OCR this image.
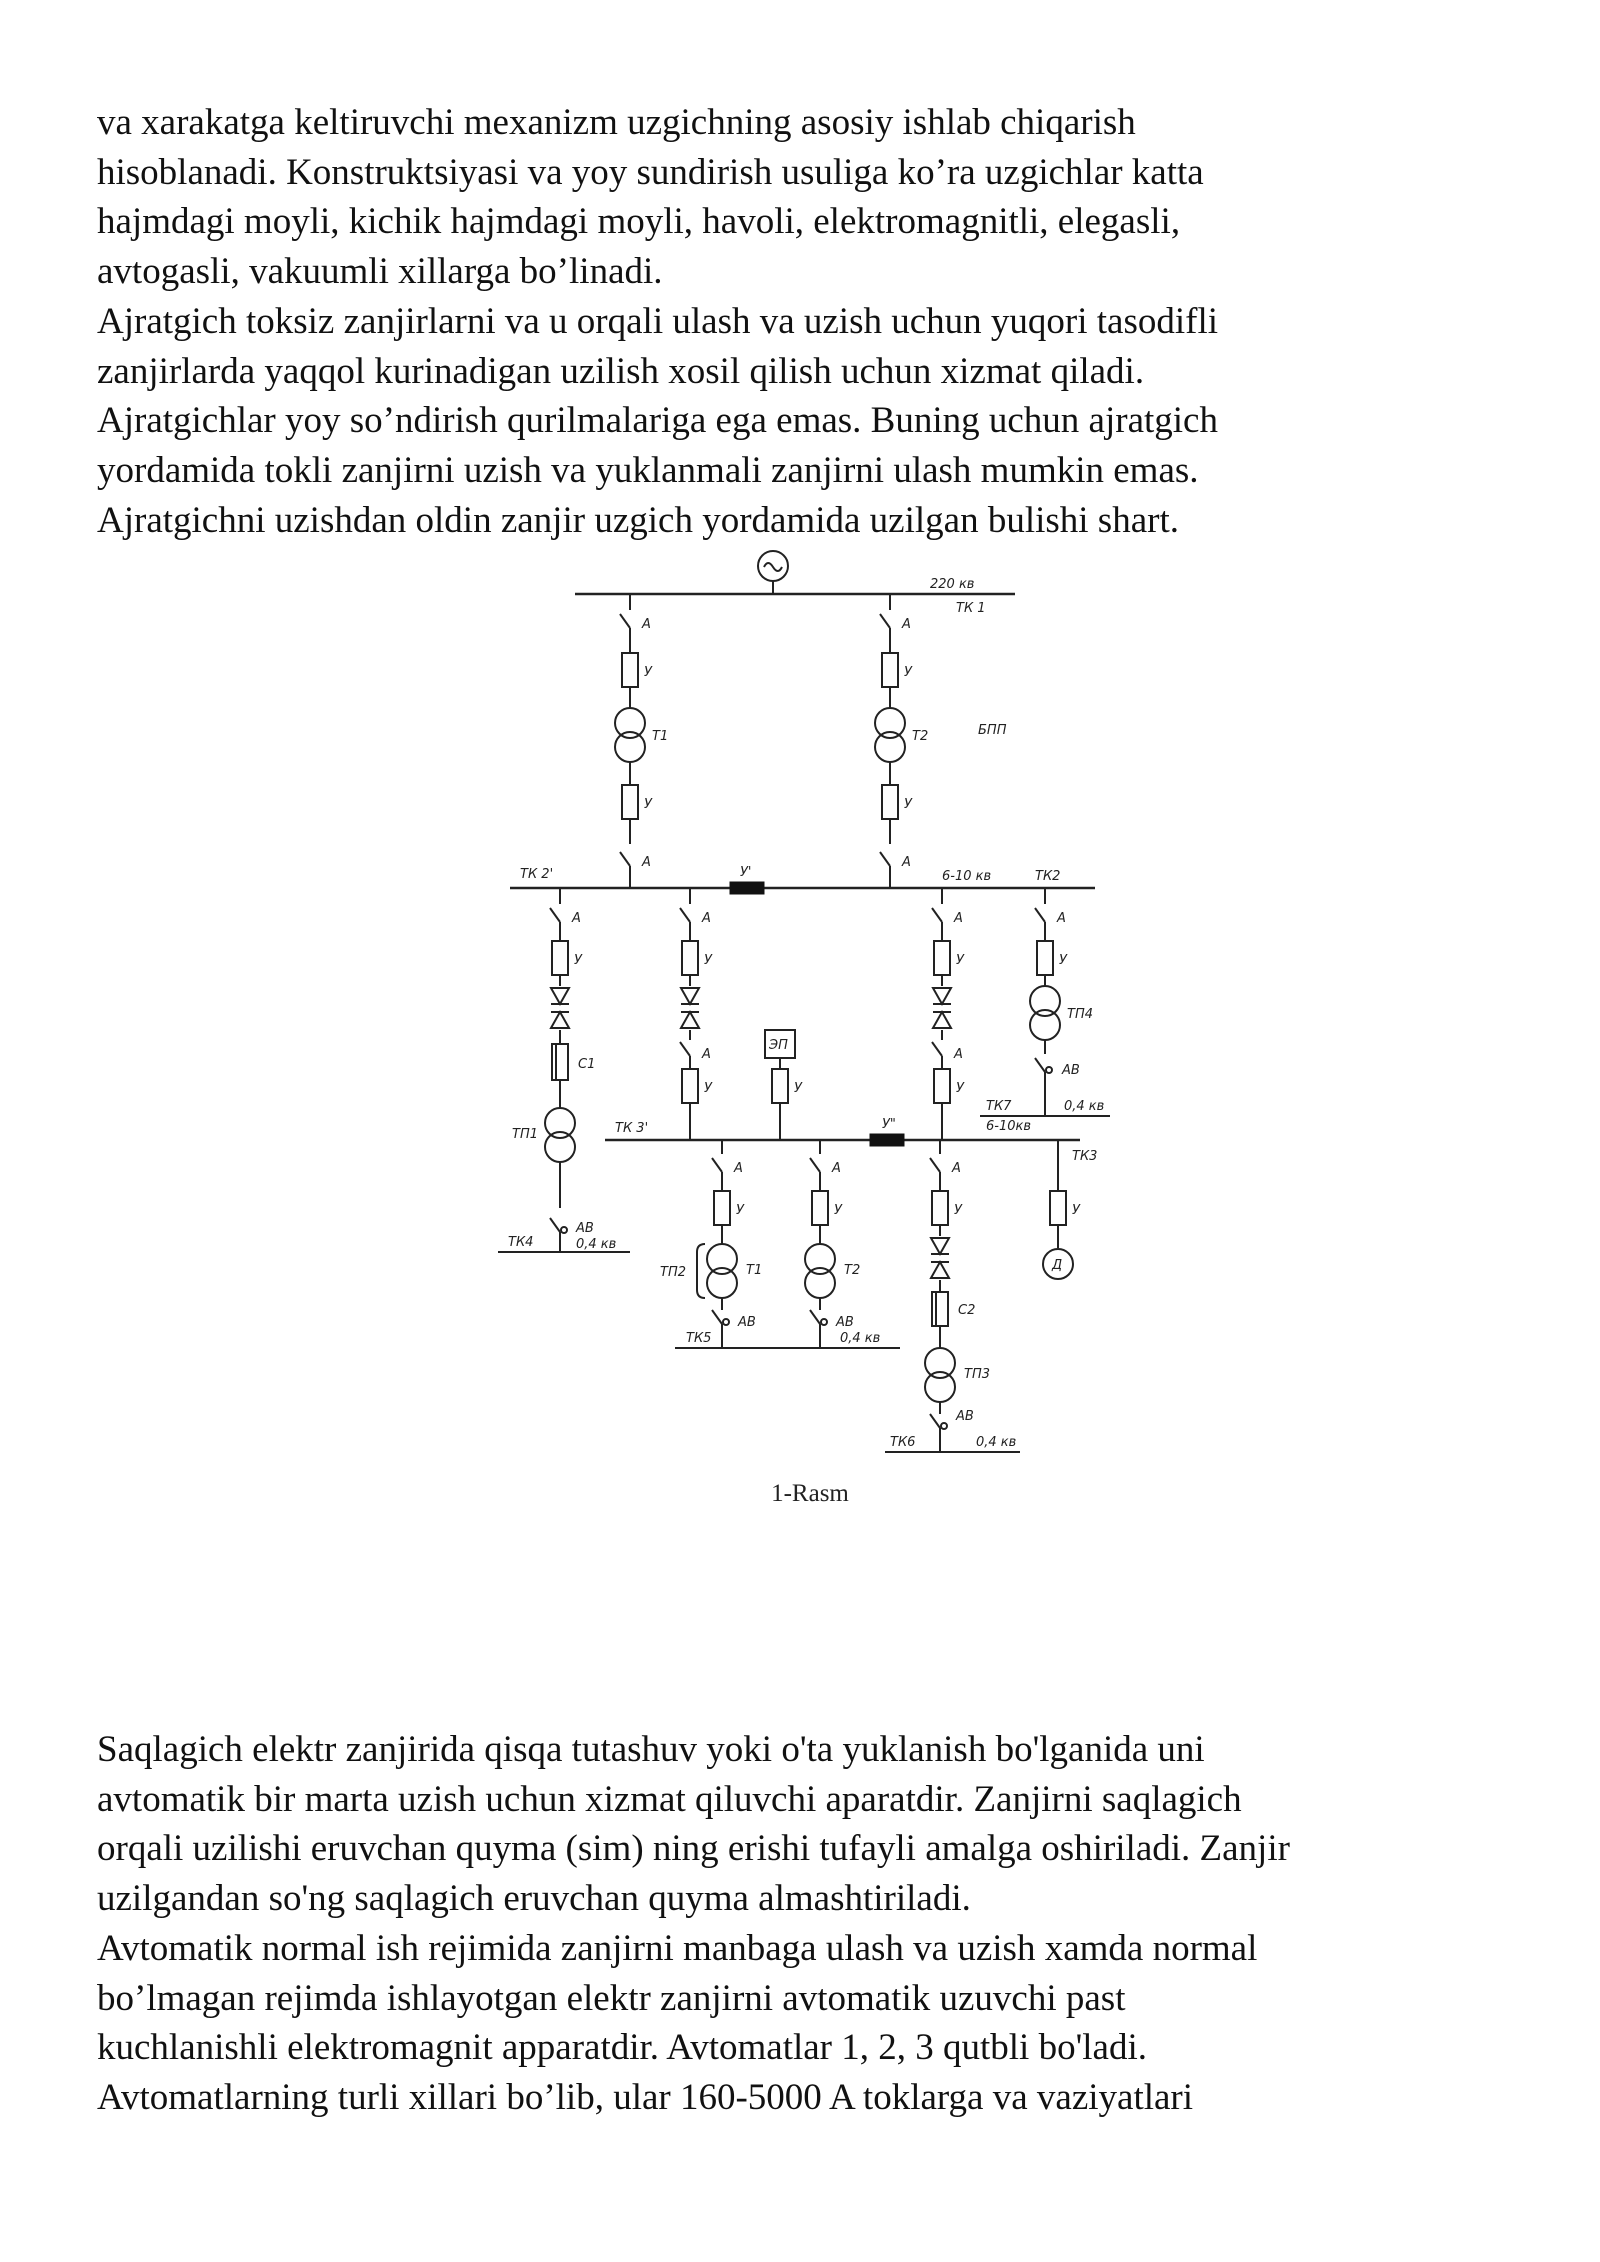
va xarakatga keltiruvchi mexanizm uzgichning asosiy ishlab chiqarish
hisoblanadi. Konstruktsiyasi va yoy sundirish usuliga ko’ra uzgichlar katta
hajmdagi moyli, kichik hajmdagi moyli, havoli, elektromagnitli, elegasli,
avtogasli, vakuumli xillarga bo’linadi.
Ajratgich toksiz zanjirlarni va u orqali ulash va uzish uchun yuqori tasodifli
zanjirlarda yaqqol kurinadigan uzilish xosil qilish uchun xizmat qiladi.
Ajratgichlar yoy so’ndirish qurilmalariga ega emas. Buning uchun ajratgich
yordamida tokli zanjirni uzish va yuklanmali zanjirni ulash mumkin emas.
Ajratgichni uzishdan oldin zanjir uzgich yordamida uzilgan bulishi shart.
220 кв
ТК 1
БПП
А
У
Т1
У
А
А
У
Т2
У
А
У'
ТК 2'	6-10 кв	ТК2
А
У
С1
ТП1
АВ
ТК4	0,4 кв
А
У
А
У
ЭП
У
А
У
А
У
А
У
ТП4
АВ
ТК7	0,4 кв
6-10кв
У"
ТК 3'
ТК3
А
У
Т1
ТП2
АВ
А
У
Т2
АВ
ТК5	0,4 кв
А
У
С2
ТП3
АВ
ТК6	0,4 кв
У
Д
1-Rasm
Saqlagich elektr zanjirida qisqa tutashuv yoki o'ta yuklanish bo'lganida uni
avtomatik bir marta uzish uchun xizmat qiluvchi aparatdir. Zanjirni saqlagich
orqali uzilishi eruvchan quyma (sim) ning erishi tufayli amalga oshiriladi. Zanjir
uzilgandan so'ng saqlagich eruvchan quyma almashtiriladi.
Avtomatik normal ish rejimida zanjirni manbaga ulash va uzish xamda normal
bo’lmagan rejimda ishlayotgan elektr zanjirni avtomatik uzuvchi past
kuchlanishli elektromagnit apparatdir. Avtomatlar 1, 2, 3 qutbli bo'ladi.
Avtomatlarning turli xillari bo’lib, ular 160-5000 A toklarga va vaziyatlari
